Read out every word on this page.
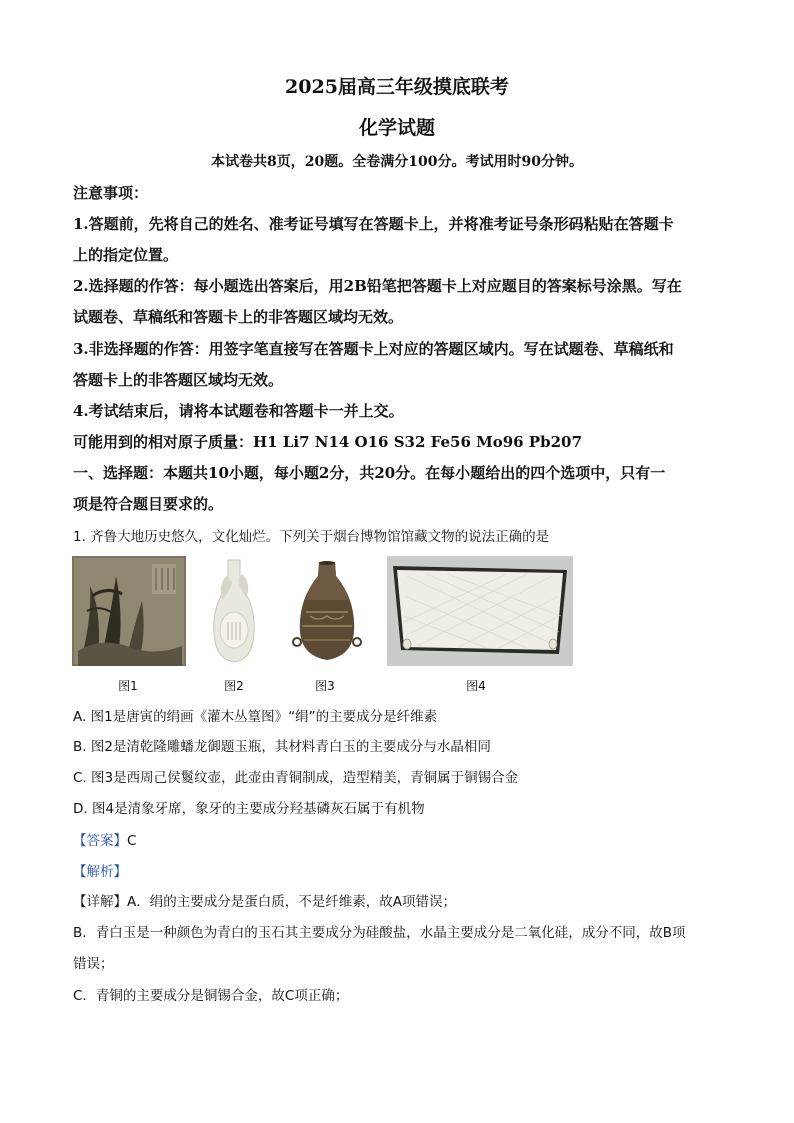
2025届高三年级摸底联考
化学试题
本试卷共8页，20题。全卷满分100分。考试用时90分钟。
注意事项：
1.答题前，先将自己的姓名、准考证号填写在答题卡上，并将准考证号条形码粘贴在答题卡
上的指定位置。
2.选择题的作答：每小题选出答案后，用2B铅笔把答题卡上对应题目的答案标号涂黑。写在
试题卷、草稿纸和答题卡上的非答题区域均无效。
3.非选择题的作答：用签字笔直接写在答题卡上对应的答题区域内。写在试题卷、草稿纸和
答题卡上的非答题区域均无效。
4.考试结束后，请将本试题卷和答题卡一并上交。
可能用到的相对原子质量：H1 Li7 N14 O16 S32 Fe56 Mo96 Pb207
一、选择题：本题共10小题，每小题2分，共20分。在每小题给出的四个选项中，只有一
项是符合题目要求的。
1. 齐鲁大地历史悠久，文化灿烂。下列关于烟台博物馆馆藏文物的说法正确的是
图1	图2	图3	图4
A. 图1是唐寅的绢画《灌木丛篁图》“绢”的主要成分是纤维素
B. 图2是清乾隆雕蟠龙御题玉瓶，其材料青白玉的主要成分与水晶相同
C. 图3是西周己侯鬉纹壶，此壶由青铜制成，造型精美，青铜属于铜锡合金
D. 图4是清象牙席，象牙的主要成分羟基磷灰石属于有机物
【答案】C
【解析】
【详解】A．绢的主要成分是蛋白质，不是纤维素，故A项错误；
B．青白玉是一种颜色为青白的玉石其主要成分为硅酸盐，水晶主要成分是二氧化硅，成分不同，故B项
错误；
C．青铜的主要成分是铜锡合金，故C项正确；
